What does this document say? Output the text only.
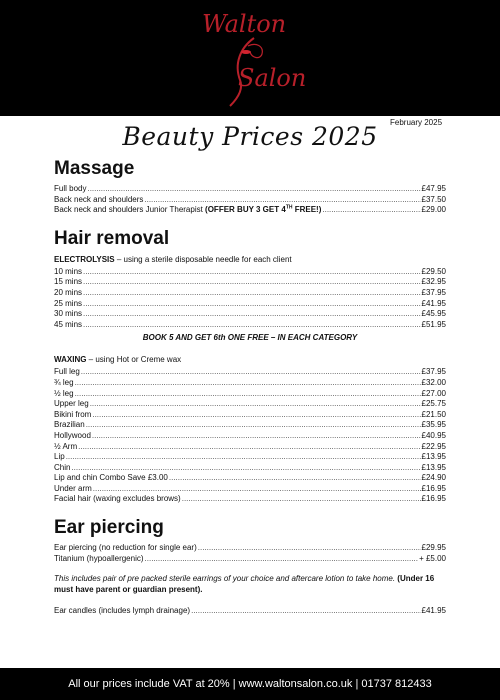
Walton
Salon
February 2025
Beauty Prices 2025
Massage
Full body .....	£47.95
Back neck and shoulders .....	£37.50
Back neck and shoulders Junior Therapist (OFFER BUY 3 GET 4TH FREE!) .....	£29.00
Hair removal
ELECTROLYSIS – using a sterile disposable needle for each client
10 mins .....	£29.50
15 mins .....	£32.95
20 mins .....	£37.95
25 mins .....	£41.95
30 mins .....	£45.95
45 mins .....	£51.95
BOOK 5 AND GET 6th ONE FREE – IN EACH CATEGORY
WAXING – using Hot or Creme wax
Full leg .....	£37.95
¾ leg .....	£32.00
½ leg .....	£27.00
Upper leg .....	£25.75
Bikini from .....	£21.50
Brazilian .....	£35.95
Hollywood .....	£40.95
½ Arm .....	£22.95
Lip .....	£13.95
Chin .....	£13.95
Lip and chin Combo Save £3.00 .....	£24.90
Under arm .....	£16.95
Facial hair (waxing excludes brows) .....	£16.95
Ear piercing
Ear piercing (no reduction for single ear) .....	£29.95
Titanium (hypoallergenic) .....	+ £5.00
This includes pair of pre packed sterile earrings of your choice and aftercare lotion to take home. (Under 16 must have parent or guardian present).
Ear candles (includes lymph drainage) .....	£41.95
All our prices include VAT at 20% | www.waltonsalon.co.uk | 01737 812433
